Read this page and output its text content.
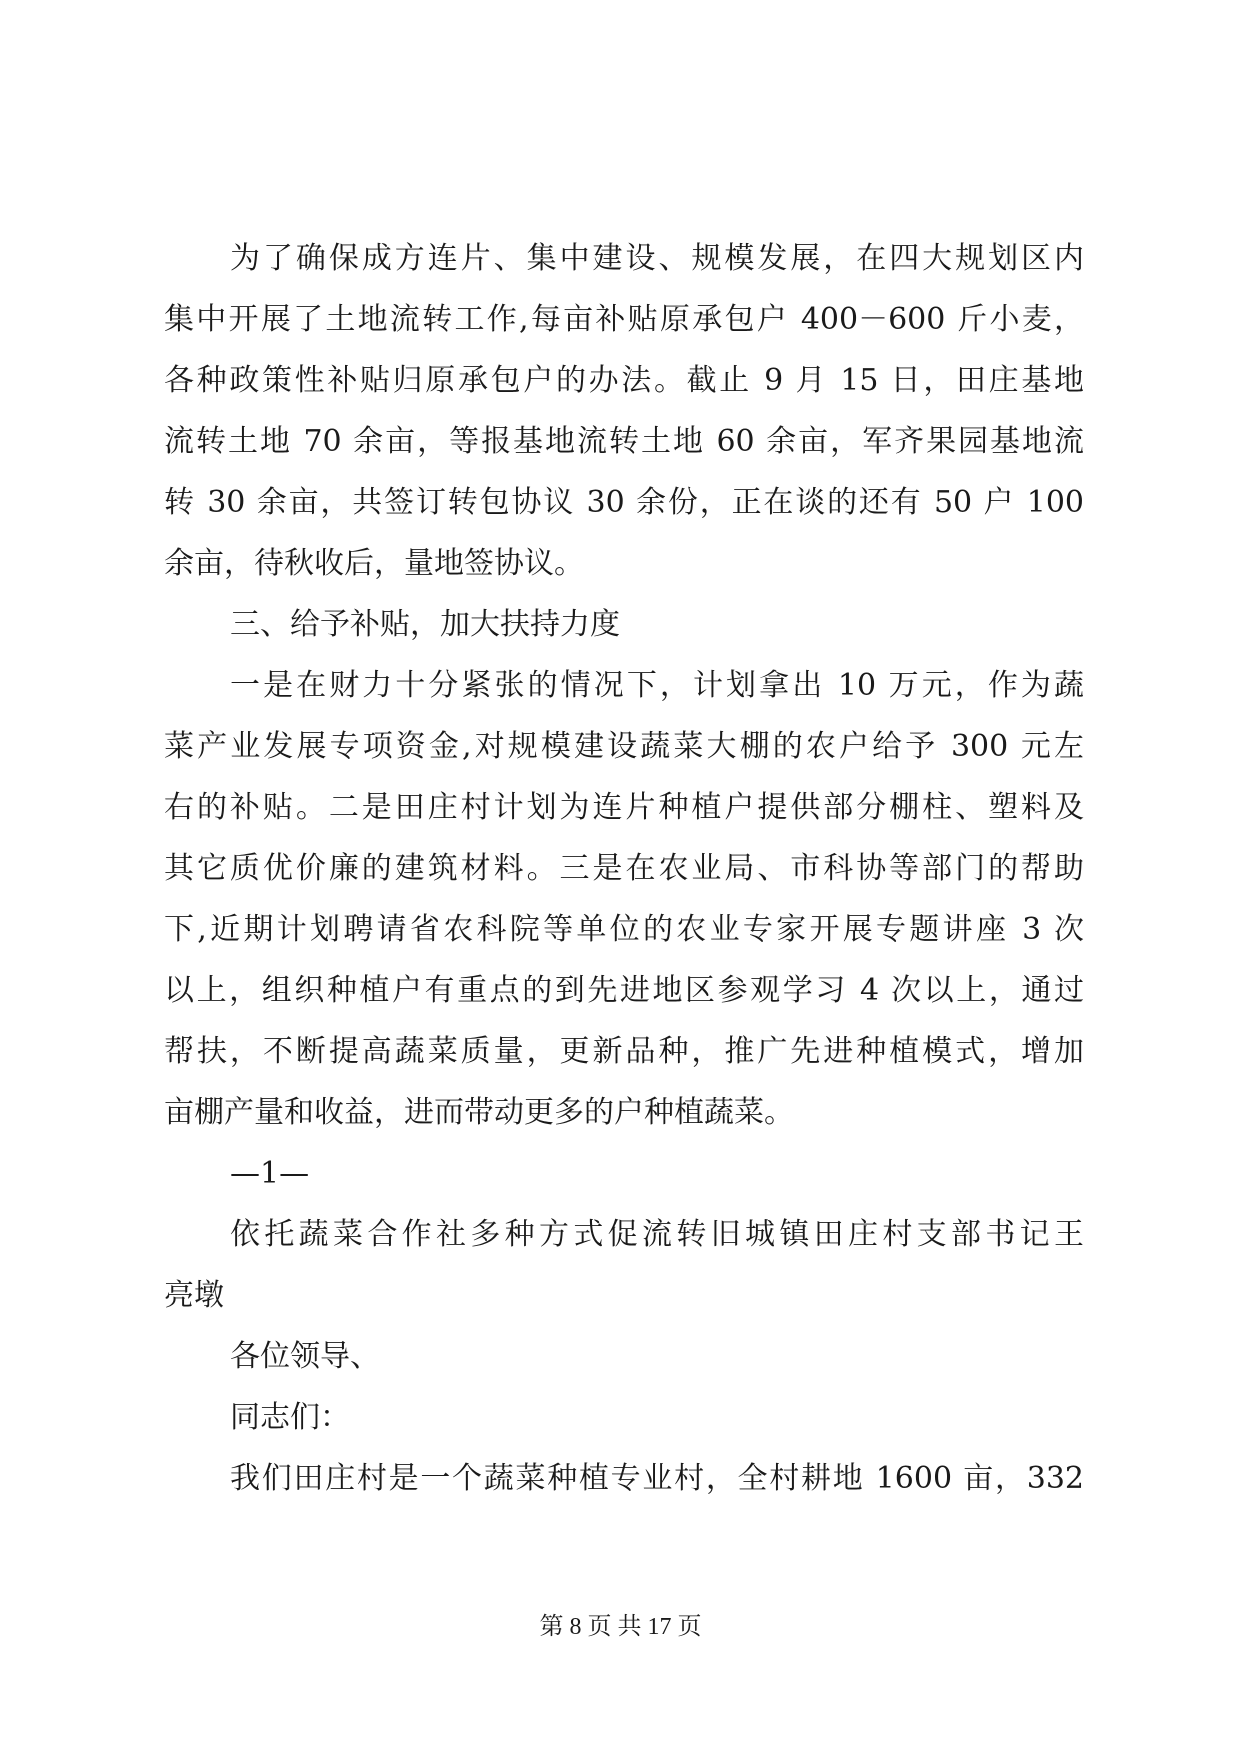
为了确保成方连片、集中建设、规模发展，在四大规划区内
集中开展了土地流转工作,每亩补贴原承包户 400－600 斤小麦，
各种政策性补贴归原承包户的办法。截止 9 月 15 日，田庄基地
流转土地 70 余亩，等报基地流转土地 60 余亩，军齐果园基地流
转 30 余亩，共签订转包协议 30 余份，正在谈的还有 50 户 100
余亩，待秋收后，量地签协议。
三、给予补贴，加大扶持力度
一是在财力十分紧张的情况下，计划拿出 10 万元，作为蔬
菜产业发展专项资金,对规模建设蔬菜大棚的农户给予 300 元左
右的补贴。二是田庄村计划为连片种植户提供部分棚柱、塑料及
其它质优价廉的建筑材料。三是在农业局、市科协等部门的帮助
下,近期计划聘请省农科院等单位的农业专家开展专题讲座 3 次
以上，组织种植户有重点的到先进地区参观学习 4 次以上，通过
帮扶，不断提高蔬菜质量，更新品种，推广先进种植模式，增加
亩棚产量和收益，进而带动更多的户种植蔬菜。
—1—
依托蔬菜合作社多种方式促流转旧城镇田庄村支部书记王
亮墩
各位领导、
同志们：
我们田庄村是一个蔬菜种植专业村，全村耕地 1600 亩，332
第 8 页 共 17 页
